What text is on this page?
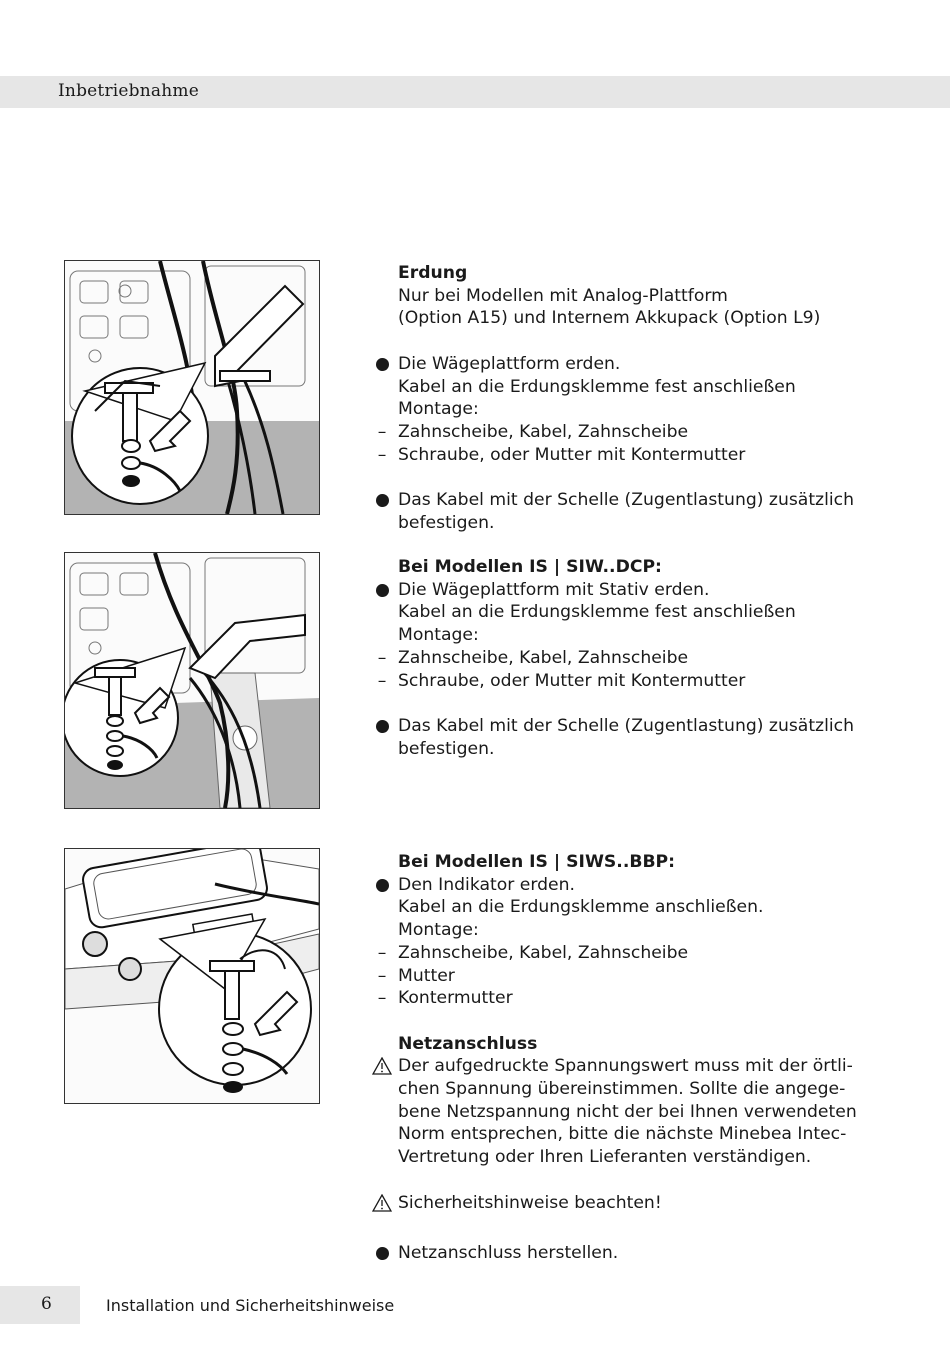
Inbetriebnahme
Erdung
Nur bei Modellen mit Analog-Plattform
(Option A15) und Internem Akkupack (Option L9)
Die Wägeplattform erden.
Kabel an die Erdungsklemme fest anschließen
Montage:
– Zahnscheibe, Kabel, Zahnscheibe
– Schraube, oder Mutter mit Kontermutter
Das Kabel mit der Schelle (Zugentlastung) zusätzlich
befestigen.
Bei Modellen IS | SIW..DCP:
Die Wägeplattform mit Stativ erden.
Kabel an die Erdungsklemme fest anschließen
Montage:
– Zahnscheibe, Kabel, Zahnscheibe
– Schraube, oder Mutter mit Kontermutter
Das Kabel mit der Schelle (Zugentlastung) zusätzlich
befestigen.
Bei Modellen IS | SIWS..BBP:
Den Indikator erden.
Kabel an die Erdungsklemme anschließen.
Montage:
– Zahnscheibe, Kabel, Zahnscheibe
– Mutter
– Kontermutter
Netzanschluss
Der aufgedruckte Spannungswert muss mit der örtli-
chen Spannung übereinstimmen. Sollte die angege-
bene Netzspannung nicht der bei Ihnen verwendeten
Norm entsprechen, bitte die nächste Minebea Intec-
Vertretung oder Ihren Lieferanten verständigen.
Sicherheitshinweise beachten!
Netzanschluss herstellen.
6	Installation und Sicherheitshinweise
